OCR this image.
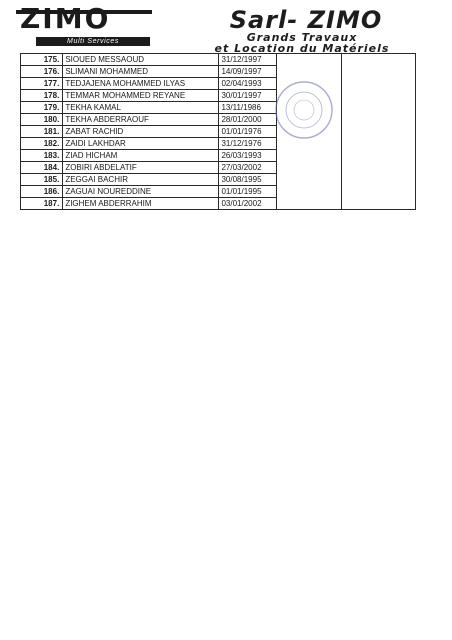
ZIMO
Multi Services
Sarl- ZIMO
Grands Travaux
et Location du Matériels
175.	SIOUED MESSAOUD	31/12/1997		
176.	SLIMANI MOHAMMED	14/09/1997		
177.	TEDJAJENA MOHAMMED ILYAS	02/04/1993		
178.	TEMMAR MOHAMMED REYANE	30/01/1997		
179.	TEKHA KAMAL	13/11/1986		
180.	TEKHA ABDERRAOUF	28/01/2000		
181.	ZABAT RACHID	01/01/1976		
182.	ZAIDI LAKHDAR	31/12/1976		
183.	ZIAD HICHAM	26/03/1993		
184.	ZOBIRI ABDELATIF	27/03/2002		
185.	ZEGGAI BACHIR	30/08/1995		
186.	ZAGUAI NOUREDDINE	01/01/1995		
187.	ZIGHEM ABDERRAHIM	03/01/2002		
